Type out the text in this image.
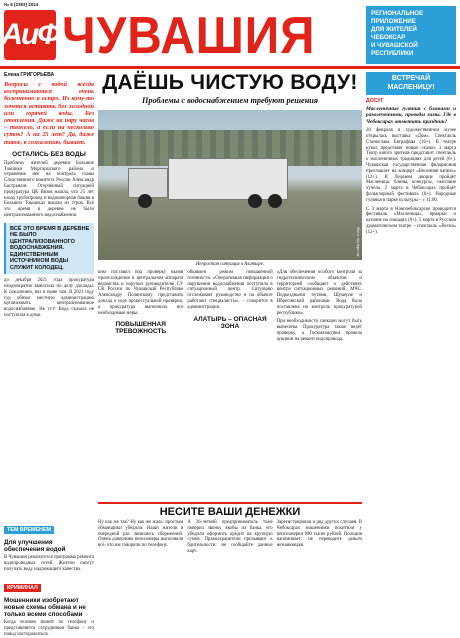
№ 6 (2393) 2024
АиФ ЧУВАШИЯ	РЕГИОНАЛЬНОЕ
ПРИЛОЖЕНИЕ
ДЛЯ ЖИТЕЛЕЙ
ЧЕБОКСАР
И ЧУВАШСКОЙ
РЕСПУБЛИКИ
Елена ГРИГОРЬЕВА
Вопросы с водой всегда воспринимаются очень болезненно и остро. Из кому-то хочется вставать без холодной или горячей воды. Без отопления. Даже на пару часов – тяжело, а если на несколько суток? А на 25 лет? Да, даже такое, к сожалению, бывает.
ОСТАЛИСЬ БЕЗ ВОДЫ
Проблему жителей деревни Большие Токшики Моргаушского района и отражения нее на контроль главы Следственного комитета России Александр Бастрыкин. Огорчённый ситуацией прокуратура ЦК Вязов нашла, что 25 лет назад трубопровод и водонапорная башня в Больших Токшиках вышли из строя. Всё это время в деревне не было централизованного водоснабжения.
ВСЁ ЭТО ВРЕМЯ В ДЕРЕВНЕ НЕ БЫЛО ЦЕНТРАЛИЗОВАННОГО ВОДОСНАБЖЕНИЯ. ЕДИНСТВЕННЫМ ИСТОЧНИКОМ ВОДЫ СЛУЖИТ КОЛОДЕЦ.
до декабря 2021 года прокуратура неоднократно выносила по делу доклады. К сожалению, воз и ныне там. В 2021 году суд обязал местную администрацию организовать централизованное водоснабжение. Не тут! Вода сказала не поступила в дома.
ДАЁШЬ ЧИСТУЮ ВОДУ!
Проблемы с водоснабжением требуют решения
Фото: Шутерсток
Непростая ситуация в Алатыре.
ким поставил под проверку вызов происхождения в центральном аппарате ведомства и поручил руководителю СУ СК России по Чувашской Республике Александру Полянскому представить доклад о ходе процессуальной проверки, а прокуратура выполнила все необходимые меры.
ПОВЫШЕННАЯ ТРЕВОЖНОСТЬ
объявлен режим повышенной готовности. «Оперативная информация о нарушении водоснабжения поступила в ситуационный центр. Ситуацию отслеживает руководство и на объекте работают специалисты», – говорится в администрации.
АЛАТЫРЬ – ОПАСНАЯ ЗОНА
«Для обеспечения особого контроля за гидротехническим объектом и территорией сообщают о действиях центра ситуационных решений, МЧС. Подъездными путями, Шумерле и Ибресинский районами. Вода была поставлена на контроль прокуратурой республики».
При необходимости санкции могут быть вынесены. Прокуратура также ведёт проверку, а Госкомзакупки провела аукцион на ремонт водопровода.
ВСТРЕЧАЙ
МАСЛЕНИЦУ!
ДОСУГ
Масленичные гуляния с блинами и развлечениями, проводы зимы. Где в Чебоксарах отметить праздник?
28 февраля в художественном музее открылась выставка «Дом». Спектакль Станислава Евграфова (16+). В театре кукол представят новые сказки. 1 марта Театр юного зрителя представит спектакль о масленичных традициях для детей (6+). Чувашская государственная филармония приглашает на концерт «Весенняя капель» (12+). В Ледовом дворце пройдёт Масленица: блины, конкурсы, сжигание чучела. 2 марта в Чебоксарах пройдёт фольклорный фестиваль (0+). Народные гулянья в парке культуры – с 11:00.
С 3 марта в Новочебоксарске проводится фестиваль «Масленица», ярмарки и катание на лошадях (0+). 5 марта в Русском драматическом театре – спектакль «Весна» (12+).
ТЕМ ВРЕМЕНЕМ
Для улучшения обеспечения водой
В Чувашии реализуется программа ремонта водопроводных сетей. Жители смогут получать воду надлежащего качества.
КРИМИНАЛ
Мошенники изобретают новые схемы обмана и не только всеми способами
Когда человек звонит по телефону и представляется сотрудником банка – это повод насторожиться.
НЕСИТЕ ВАШИ ДЕНЕЖКИ
Ну как же так? Ну как же жаль: простым обманщики убедили. Наши жители в очередной раз лишились сбережений. Очень доверчиво пенсионеры выполняли всё, что им говорили по телефону.
А 36-летний предприниматель тоже поверил звонку якобы из банка, его убедили оформить кредит на крупную сумму. Правоохранители призывают к бдительности: не сообщайте данные карт.
Зарегистрирован и ряд других случаев. В Чебоксарах мошенники похитили у пенсионерки 900 тысяч рублей. Полиция напоминает: не переводите деньги незнакомцам.
